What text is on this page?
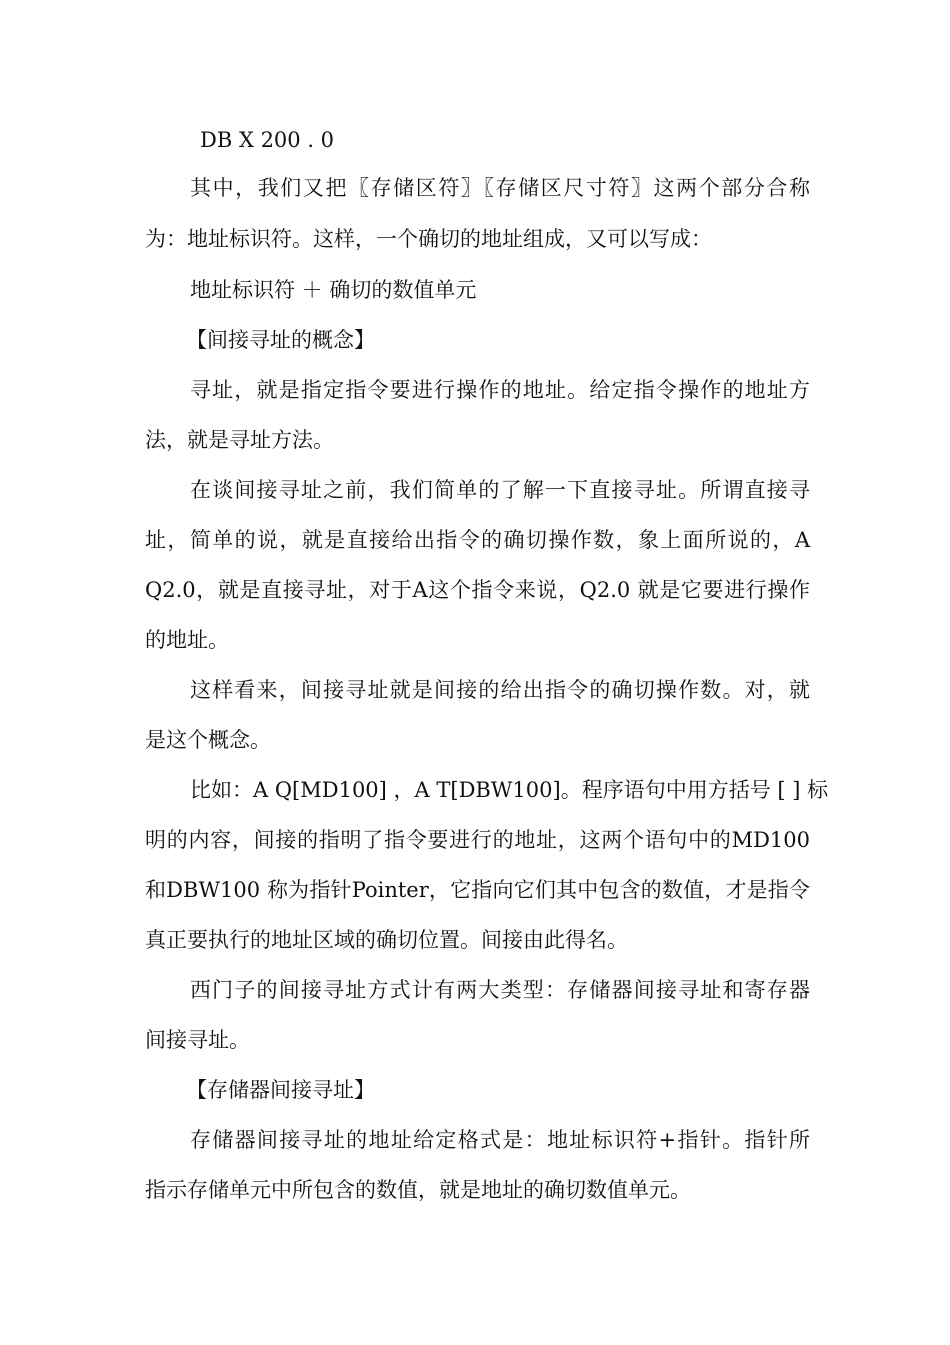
DB X 200 . 0
其中，我们又把〖存储区符〗〖存储区尺寸符〗这两个部分合称
为：地址标识符。这样，一个确切的地址组成，又可以写成：
地址标识符 ＋ 确切的数值单元
【间接寻址的概念】
寻址，就是指定指令要进行操作的地址。给定指令操作的地址方
法，就是寻址方法。
在谈间接寻址之前，我们简单的了解一下直接寻址。所谓直接寻
址，简单的说，就是直接给出指令的确切操作数，象上面所说的，A
Q2.0，就是直接寻址，对于A这个指令来说，Q2.0 就是它要进行操作
的地址。
这样看来，间接寻址就是间接的给出指令的确切操作数。对，就
是这个概念。
比如：A Q[MD100] ，A T[DBW100]。程序语句中用方括号 [ ] 标
明的内容，间接的指明了指令要进行的地址，这两个语句中的MD100
和DBW100 称为指针Pointer，它指向它们其中包含的数值，才是指令
真正要执行的地址区域的确切位置。间接由此得名。
西门子的间接寻址方式计有两大类型：存储器间接寻址和寄存器
间接寻址。
【存储器间接寻址】
存储器间接寻址的地址给定格式是：地址标识符+指针。指针所
指示存储单元中所包含的数值，就是地址的确切数值单元。
